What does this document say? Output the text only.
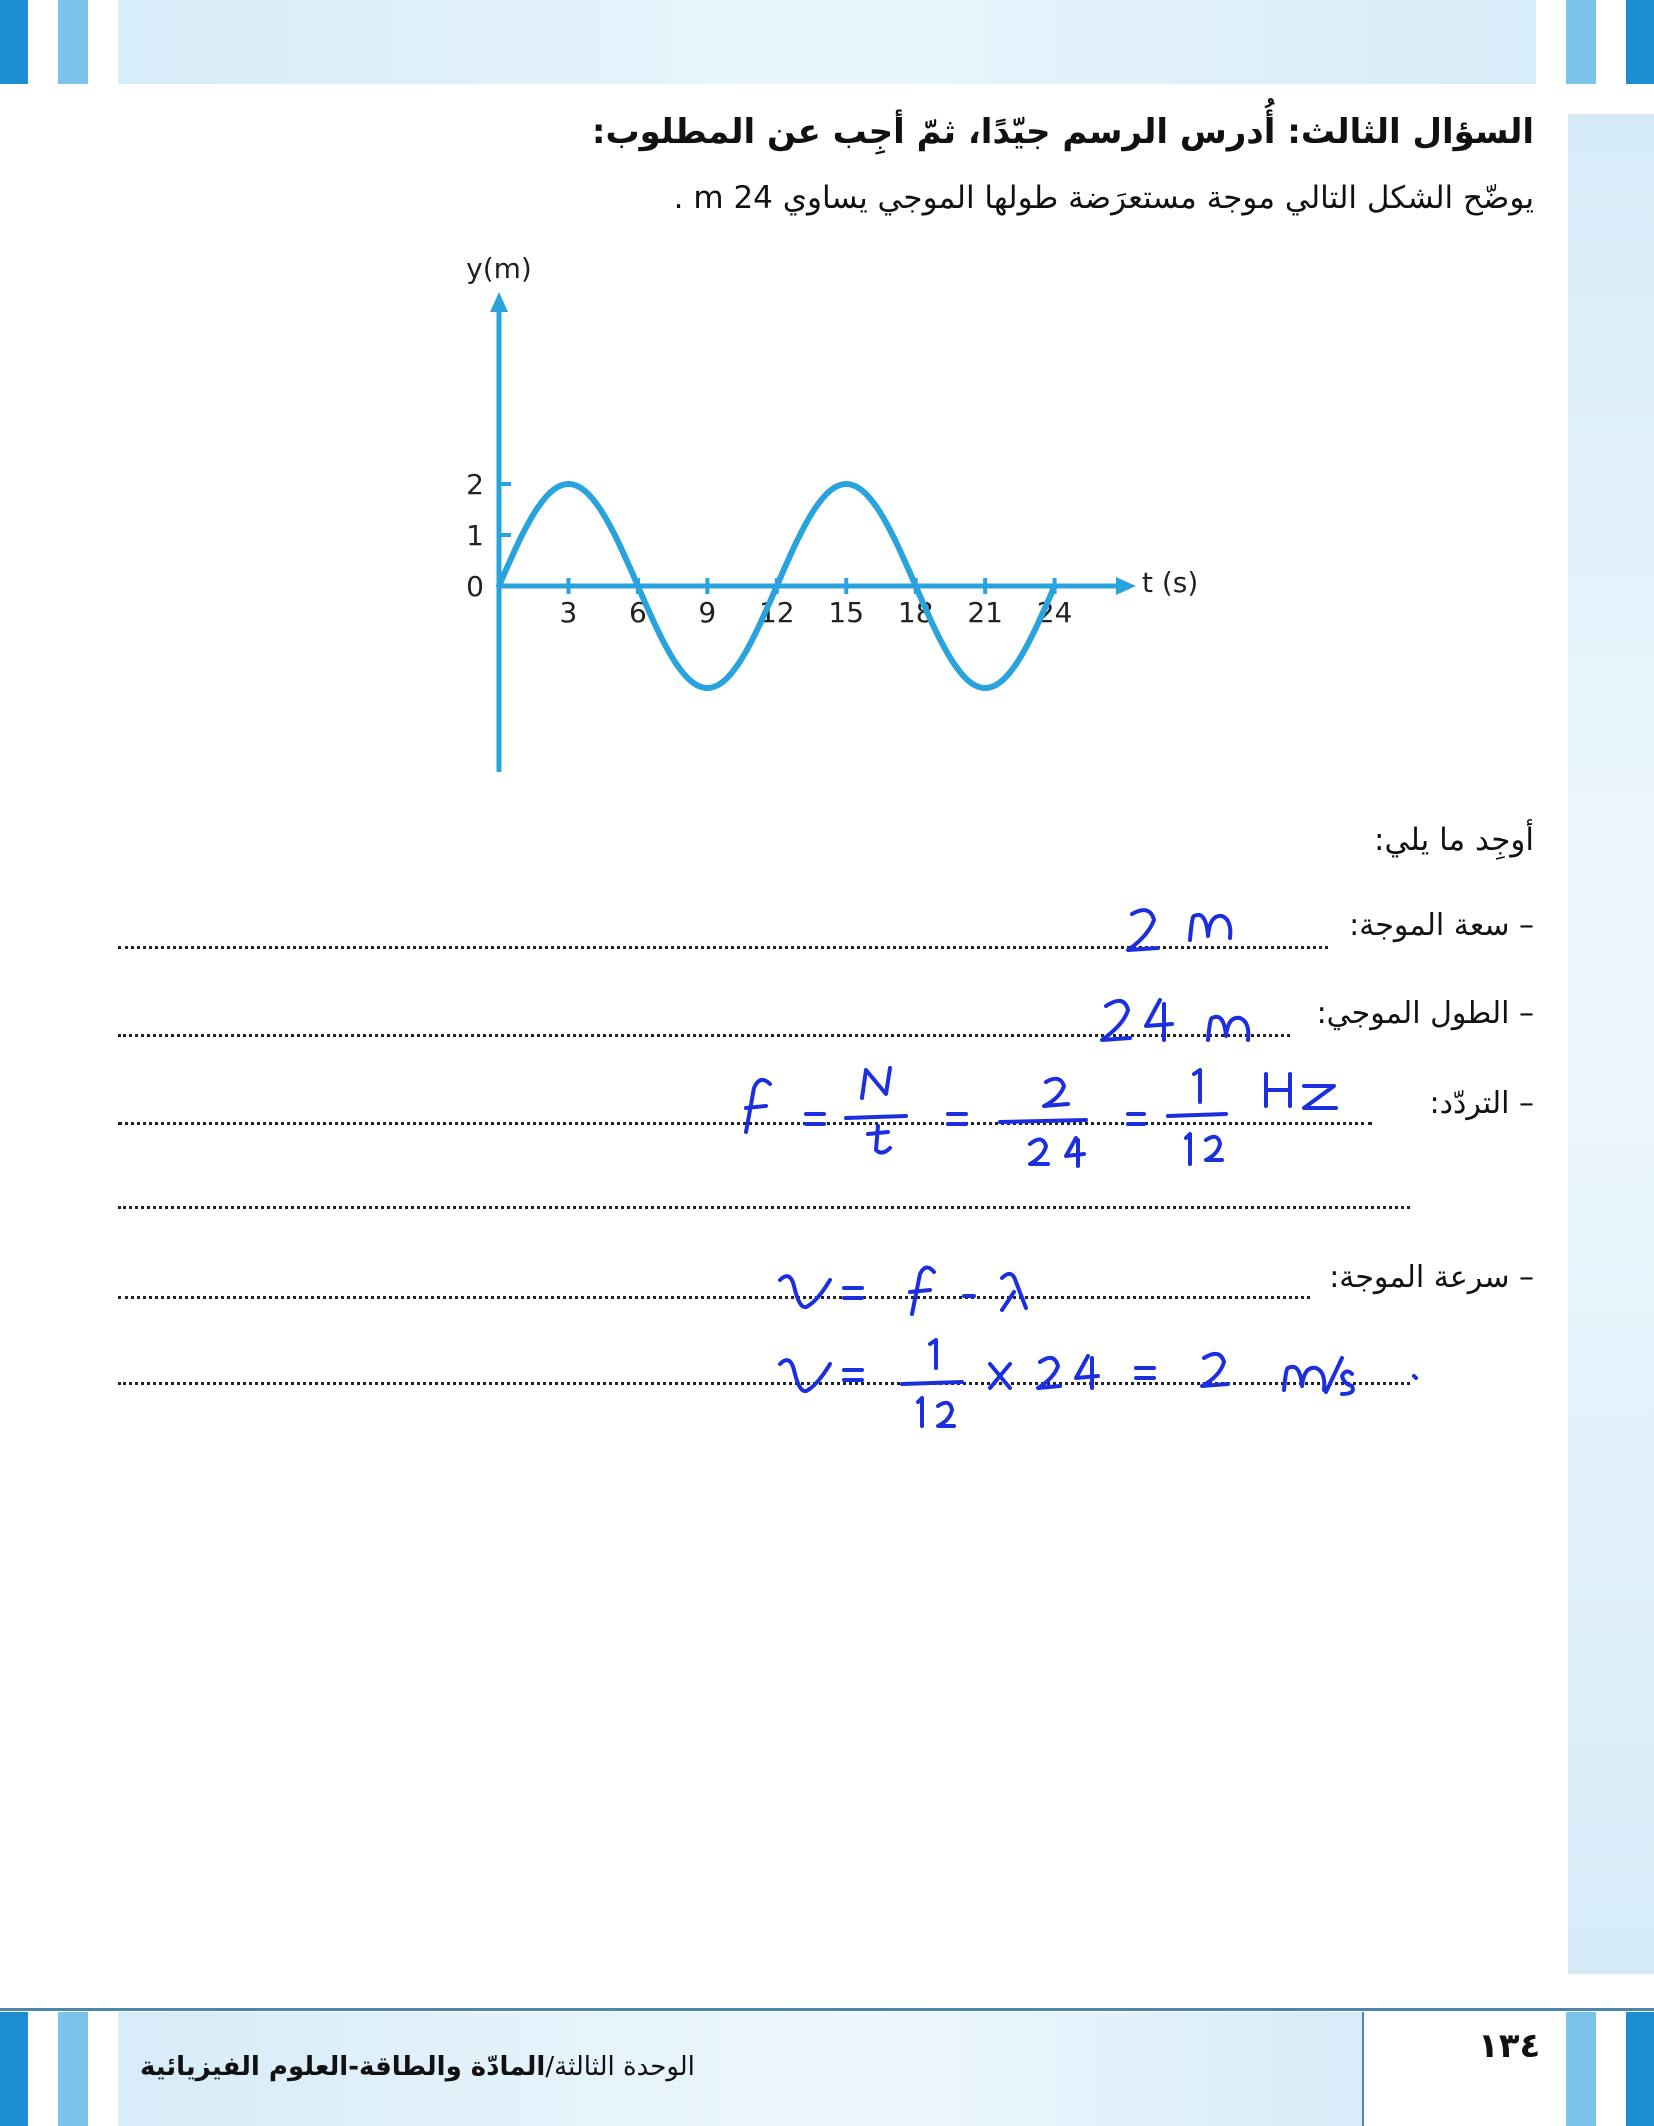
السؤال الثالث: أُدرس الرسم جيّدًا، ثمّ أجِب عن المطلوب:
يوضّح الشكل التالي موجة مستعرَضة طولها الموجي يساوي 24 m .
3 6 9 12 15 18 21 24
0
1
2
y(m)
t (s)
أوجِد ما يلي:
– سعة الموجة:
– الطول الموجي:
– التردّد:
– سرعة الموجة:
الوحدة الثالثة/المادّة والطاقة-العلوم الفيزيائية
١٣٤
